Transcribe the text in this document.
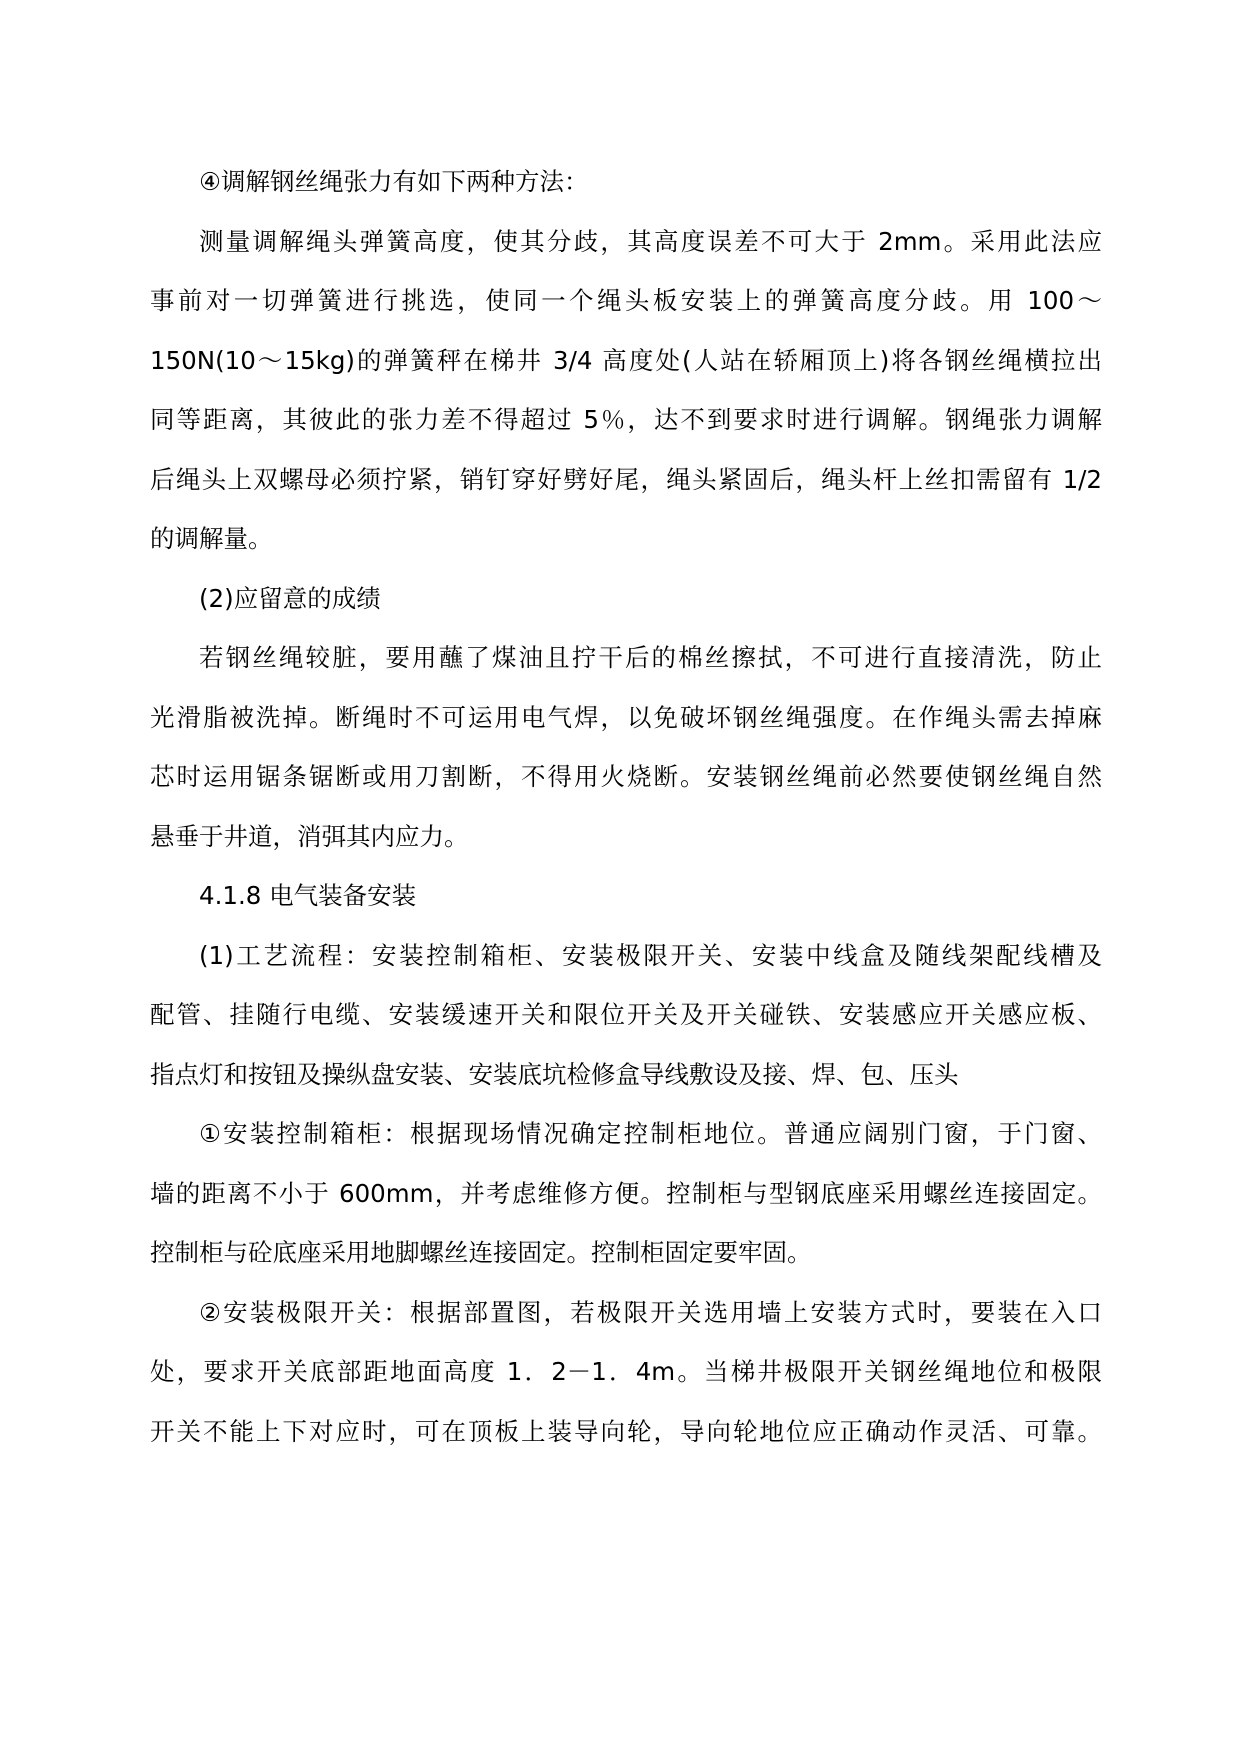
④调解钢丝绳张力有如下两种方法：
测量调解绳头弹簧高度，使其分歧，其高度误差不可大于 2mm。采用此法应
事前对一切弹簧进行挑选，使同一个绳头板安装上的弹簧高度分歧。用 100～
150N(10～15kg)的弹簧秤在梯井 3/4 高度处(人站在轿厢顶上)将各钢丝绳横拉出
同等距离，其彼此的张力差不得超过 5％，达不到要求时进行调解。钢绳张力调解
后绳头上双螺母必须拧紧，销钉穿好劈好尾，绳头紧固后，绳头杆上丝扣需留有 1/2
的调解量。
(2)应留意的成绩
若钢丝绳较脏，要用蘸了煤油且拧干后的棉丝擦拭，不可进行直接清洗，防止
光滑脂被洗掉。断绳时不可运用电气焊，以免破坏钢丝绳强度。在作绳头需去掉麻
芯时运用锯条锯断或用刀割断，不得用火烧断。安装钢丝绳前必然要使钢丝绳自然
悬垂于井道，消弭其内应力。
4.1.8 电气装备安装
(1)工艺流程：安装控制箱柜、安装极限开关、安装中线盒及随线架配线槽及
配管、挂随行电缆、安装缓速开关和限位开关及开关碰铁、安装感应开关感应板、
指点灯和按钮及操纵盘安装、安装底坑检修盒导线敷设及接、焊、包、压头
①安装控制箱柜：根据现场情况确定控制柜地位。普通应阔别门窗，于门窗、
墙的距离不小于 600mm，并考虑维修方便。控制柜与型钢底座采用螺丝连接固定。
控制柜与砼底座采用地脚螺丝连接固定。控制柜固定要牢固。
②安装极限开关：根据部置图，若极限开关选用墙上安装方式时，要装在入口
处，要求开关底部距地面高度 1．2－1．4m。当梯井极限开关钢丝绳地位和极限
开关不能上下对应时，可在顶板上装导向轮，导向轮地位应正确动作灵活、可靠。
